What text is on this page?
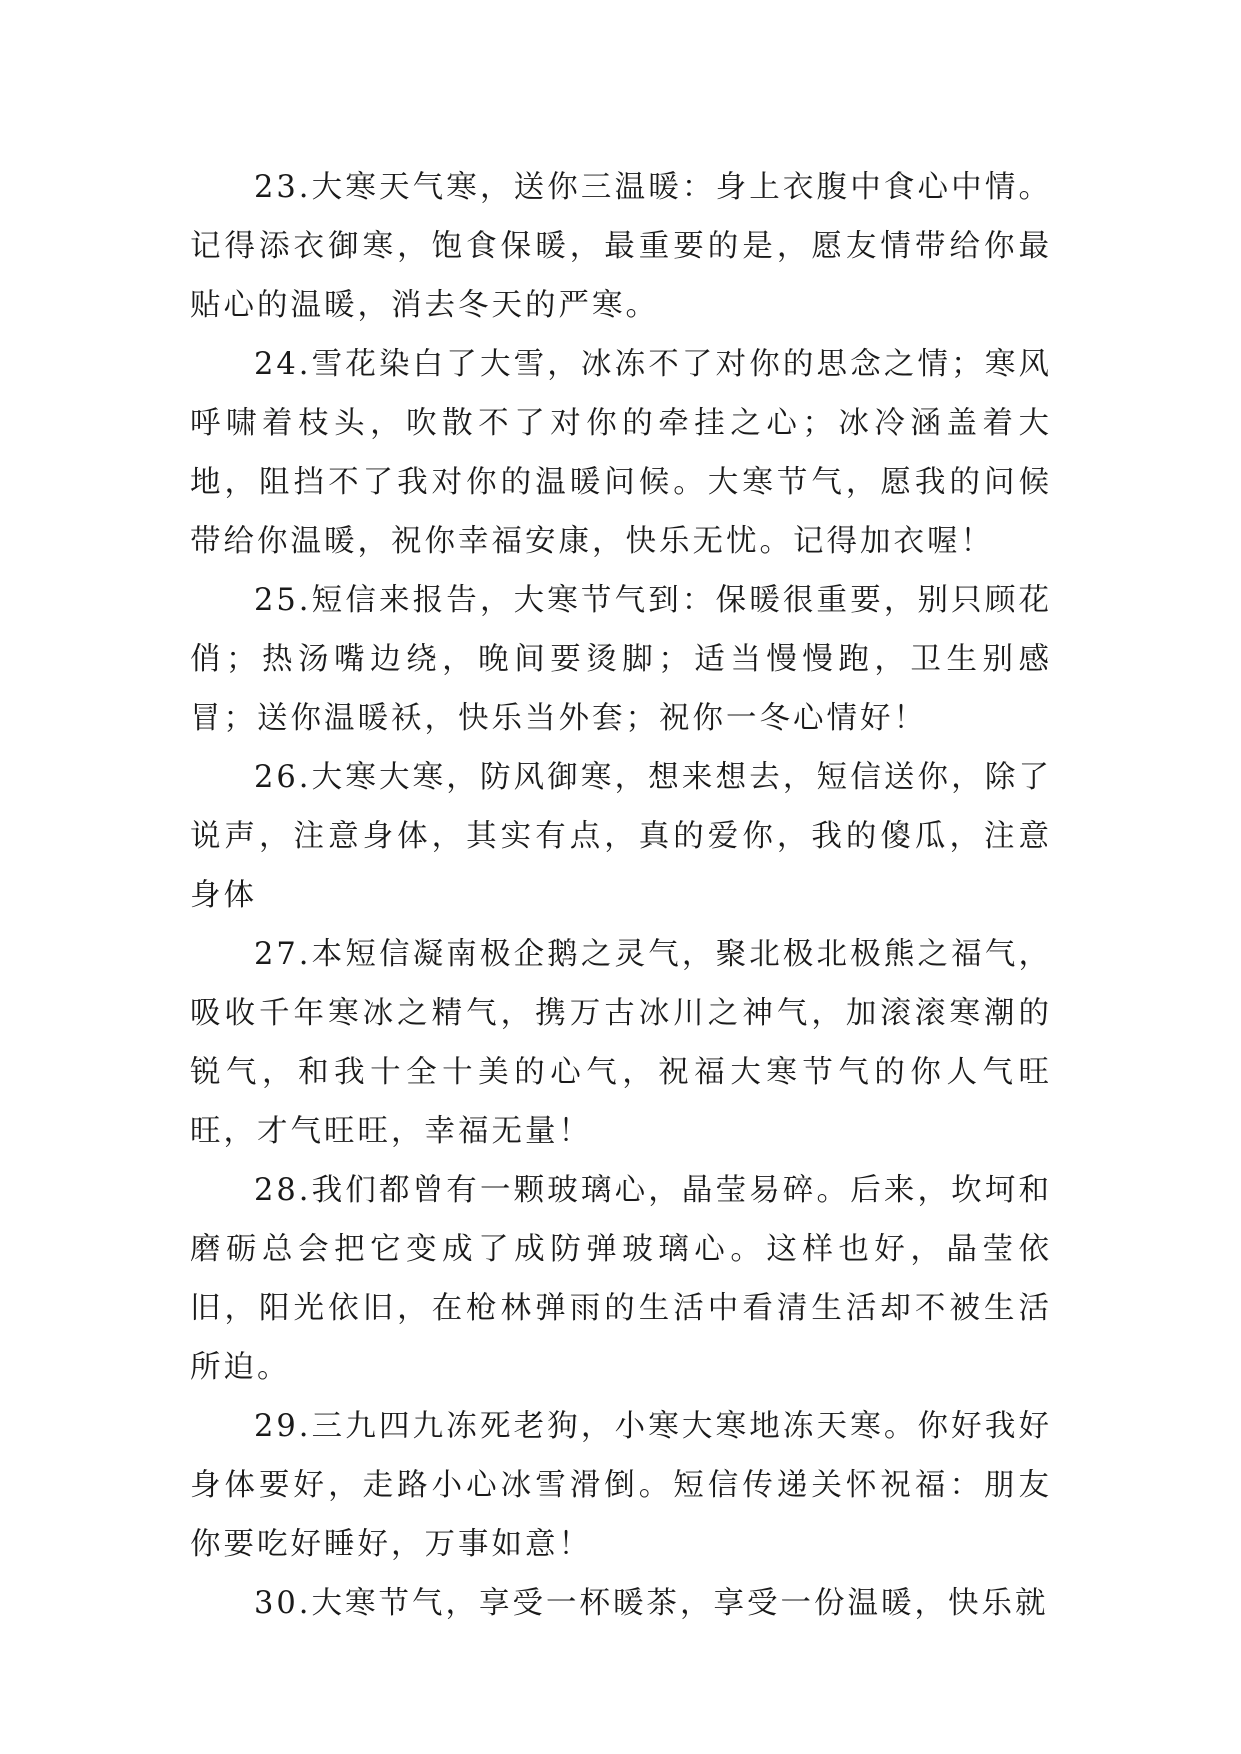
23.大寒天气寒，送你三温暖：身上衣腹中食心中情。记得添衣御寒，饱食保暖，最重要的是，愿友情带给你最贴心的温暖，消去冬天的严寒。

24.雪花染白了大雪，冰冻不了对你的思念之情；寒风呼啸着枝头，吹散不了对你的牵挂之心；冰冷涵盖着大地，阻挡不了我对你的温暖问候。大寒节气，愿我的问候带给你温暖，祝你幸福安康，快乐无忧。记得加衣喔！

25.短信来报告，大寒节气到：保暖很重要，别只顾花俏；热汤嘴边绕，晚间要烫脚；适当慢慢跑，卫生别感冒；送你温暖袄，快乐当外套；祝你一冬心情好！

26.大寒大寒，防风御寒，想来想去，短信送你，除了说声，注意身体，其实有点，真的爱你，我的傻瓜，注意身体

27.本短信凝南极企鹅之灵气，聚北极北极熊之福气，吸收千年寒冰之精气，携万古冰川之神气，加滚滚寒潮的锐气，和我十全十美的心气，祝福大寒节气的你人气旺旺，才气旺旺，幸福无量！

28.我们都曾有一颗玻璃心，晶莹易碎。后来，坎坷和磨砺总会把它变成了成防弹玻璃心。这样也好，晶莹依旧，阳光依旧，在枪林弹雨的生活中看清生活却不被生活所迫。

29.三九四九冻死老狗，小寒大寒地冻天寒。你好我好身体要好，走路小心冰雪滑倒。短信传递关怀祝福：朋友你要吃好睡好，万事如意！

30.大寒节气，享受一杯暖茶，享受一份温暖，快乐就
